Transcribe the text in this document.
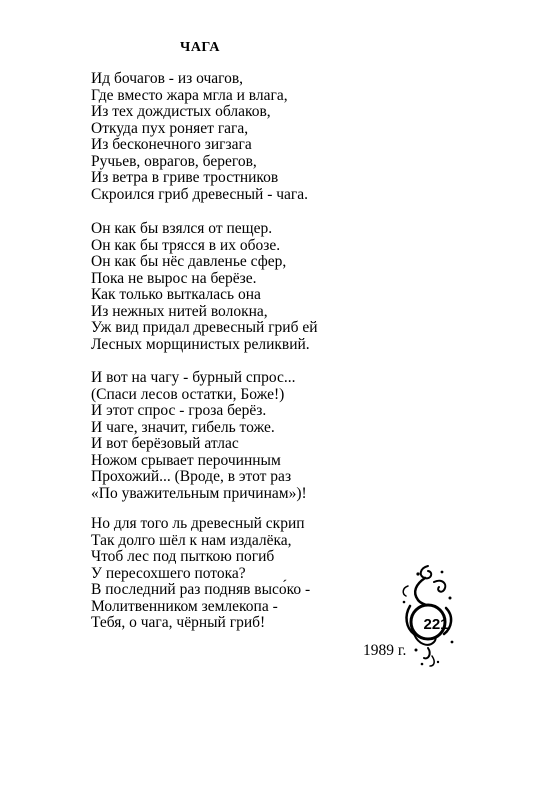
ЧАГА
Ид бочагов - из очагов,
Где вместо жара мгла и влага,
Из тех дождистых облаков,
Откуда пух роняет гага,
Из бесконечного зигзага
Ручьев, оврагов, берегов,
Из ветра в гриве тростников
Скроился гриб древесный - чага.
Он как бы взялся от пещер.
Он как бы трясся в их обозе.
Он как бы нёс давленье сфер,
Пока не вырос на берёзе.
Как только выткалась она
Из нежных нитей волокна,
Уж вид придал древесный гриб ей
Лесных морщинистых реликвий.
И вот на чагу - бурный спрос...
(Спаси лесов остатки, Боже!)
И этот спрос - гроза берёз.
И чаге, значит, гибель тоже.
И вот берёзовый атлас
Ножом срывает перочинным
Прохожий... (Вроде, в этот раз
«По уважительным причинам»)!
Но для того ль древесный скрип
Так долго шёл к нам издалёка,
Чтоб лес под пыткою погиб
У пересохшего потока?
В последний раз подняв высо́ко -
Молитвенником землекопа -
Тебя, о чага, чёрный гриб!
1989 г.
221
